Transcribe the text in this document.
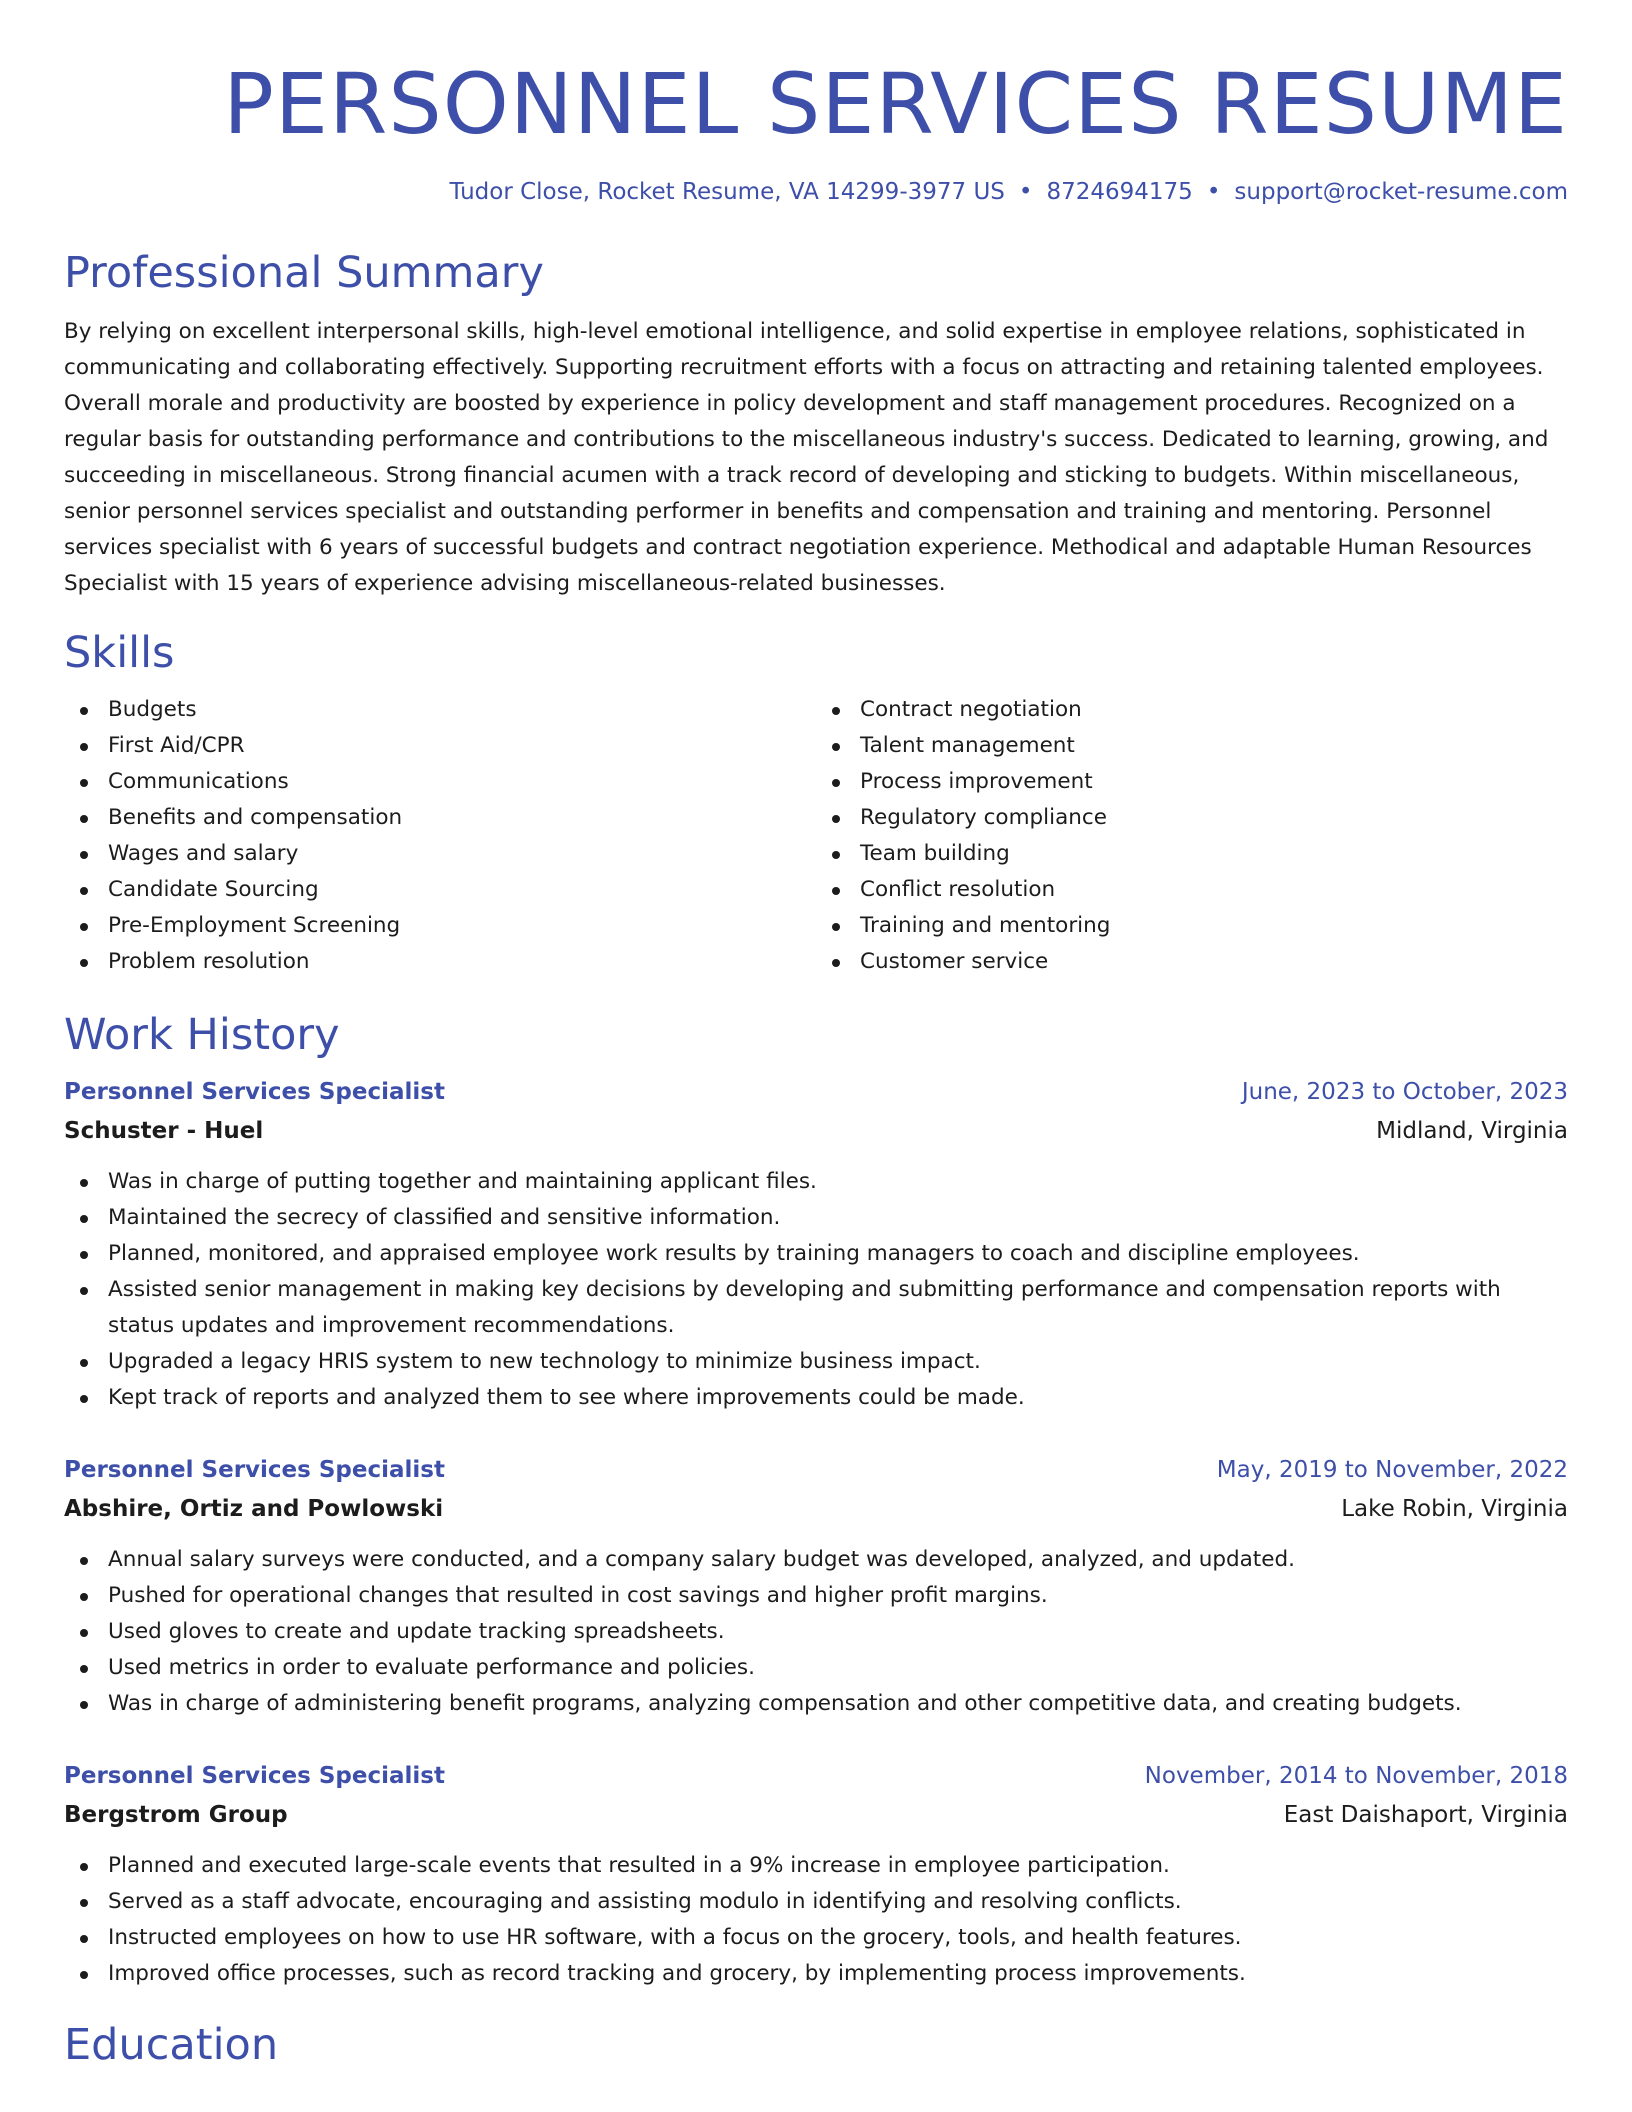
PERSONNEL SERVICES RESUME
Tudor Close, Rocket Resume, VA 14299-3977 US • 8724694175 • support@rocket-resume.com
Professional Summary
By relying on excellent interpersonal skills, high-level emotional intelligence, and solid expertise in employee relations, sophisticated in communicating and collaborating effectively. Supporting recruitment efforts with a focus on attracting and retaining talented employees. Overall morale and productivity are boosted by experience in policy development and staff management procedures. Recognized on a regular basis for outstanding performance and contributions to the miscellaneous industry's success. Dedicated to learning, growing, and succeeding in miscellaneous. Strong financial acumen with a track record of developing and sticking to budgets. Within miscellaneous, senior personnel services specialist and outstanding performer in benefits and compensation and training and mentoring. Personnel services specialist with 6 years of successful budgets and contract negotiation experience. Methodical and adaptable Human Resources Specialist with 15 years of experience advising miscellaneous-related businesses.
Skills
Budgets
First Aid/CPR
Communications
Benefits and compensation
Wages and salary
Candidate Sourcing
Pre-Employment Screening
Problem resolution
Contract negotiation
Talent management
Process improvement
Regulatory compliance
Team building
Conflict resolution
Training and mentoring
Customer service
Work History
Personnel Services Specialist	June, 2023 to October, 2023
Schuster - Huel	Midland, Virginia
Was in charge of putting together and maintaining applicant files.
Maintained the secrecy of classified and sensitive information.
Planned, monitored, and appraised employee work results by training managers to coach and discipline employees.
Assisted senior management in making key decisions by developing and submitting performance and compensation reports with status updates and improvement recommendations.
Upgraded a legacy HRIS system to new technology to minimize business impact.
Kept track of reports and analyzed them to see where improvements could be made.
Personnel Services Specialist	May, 2019 to November, 2022
Abshire, Ortiz and Powlowski	Lake Robin, Virginia
Annual salary surveys were conducted, and a company salary budget was developed, analyzed, and updated.
Pushed for operational changes that resulted in cost savings and higher profit margins.
Used gloves to create and update tracking spreadsheets.
Used metrics in order to evaluate performance and policies.
Was in charge of administering benefit programs, analyzing compensation and other competitive data, and creating budgets.
Personnel Services Specialist	November, 2014 to November, 2018
Bergstrom Group	East Daishaport, Virginia
Planned and executed large-scale events that resulted in a 9% increase in employee participation.
Served as a staff advocate, encouraging and assisting modulo in identifying and resolving conflicts.
Instructed employees on how to use HR software, with a focus on the grocery, tools, and health features.
Improved office processes, such as record tracking and grocery, by implementing process improvements.
Education
